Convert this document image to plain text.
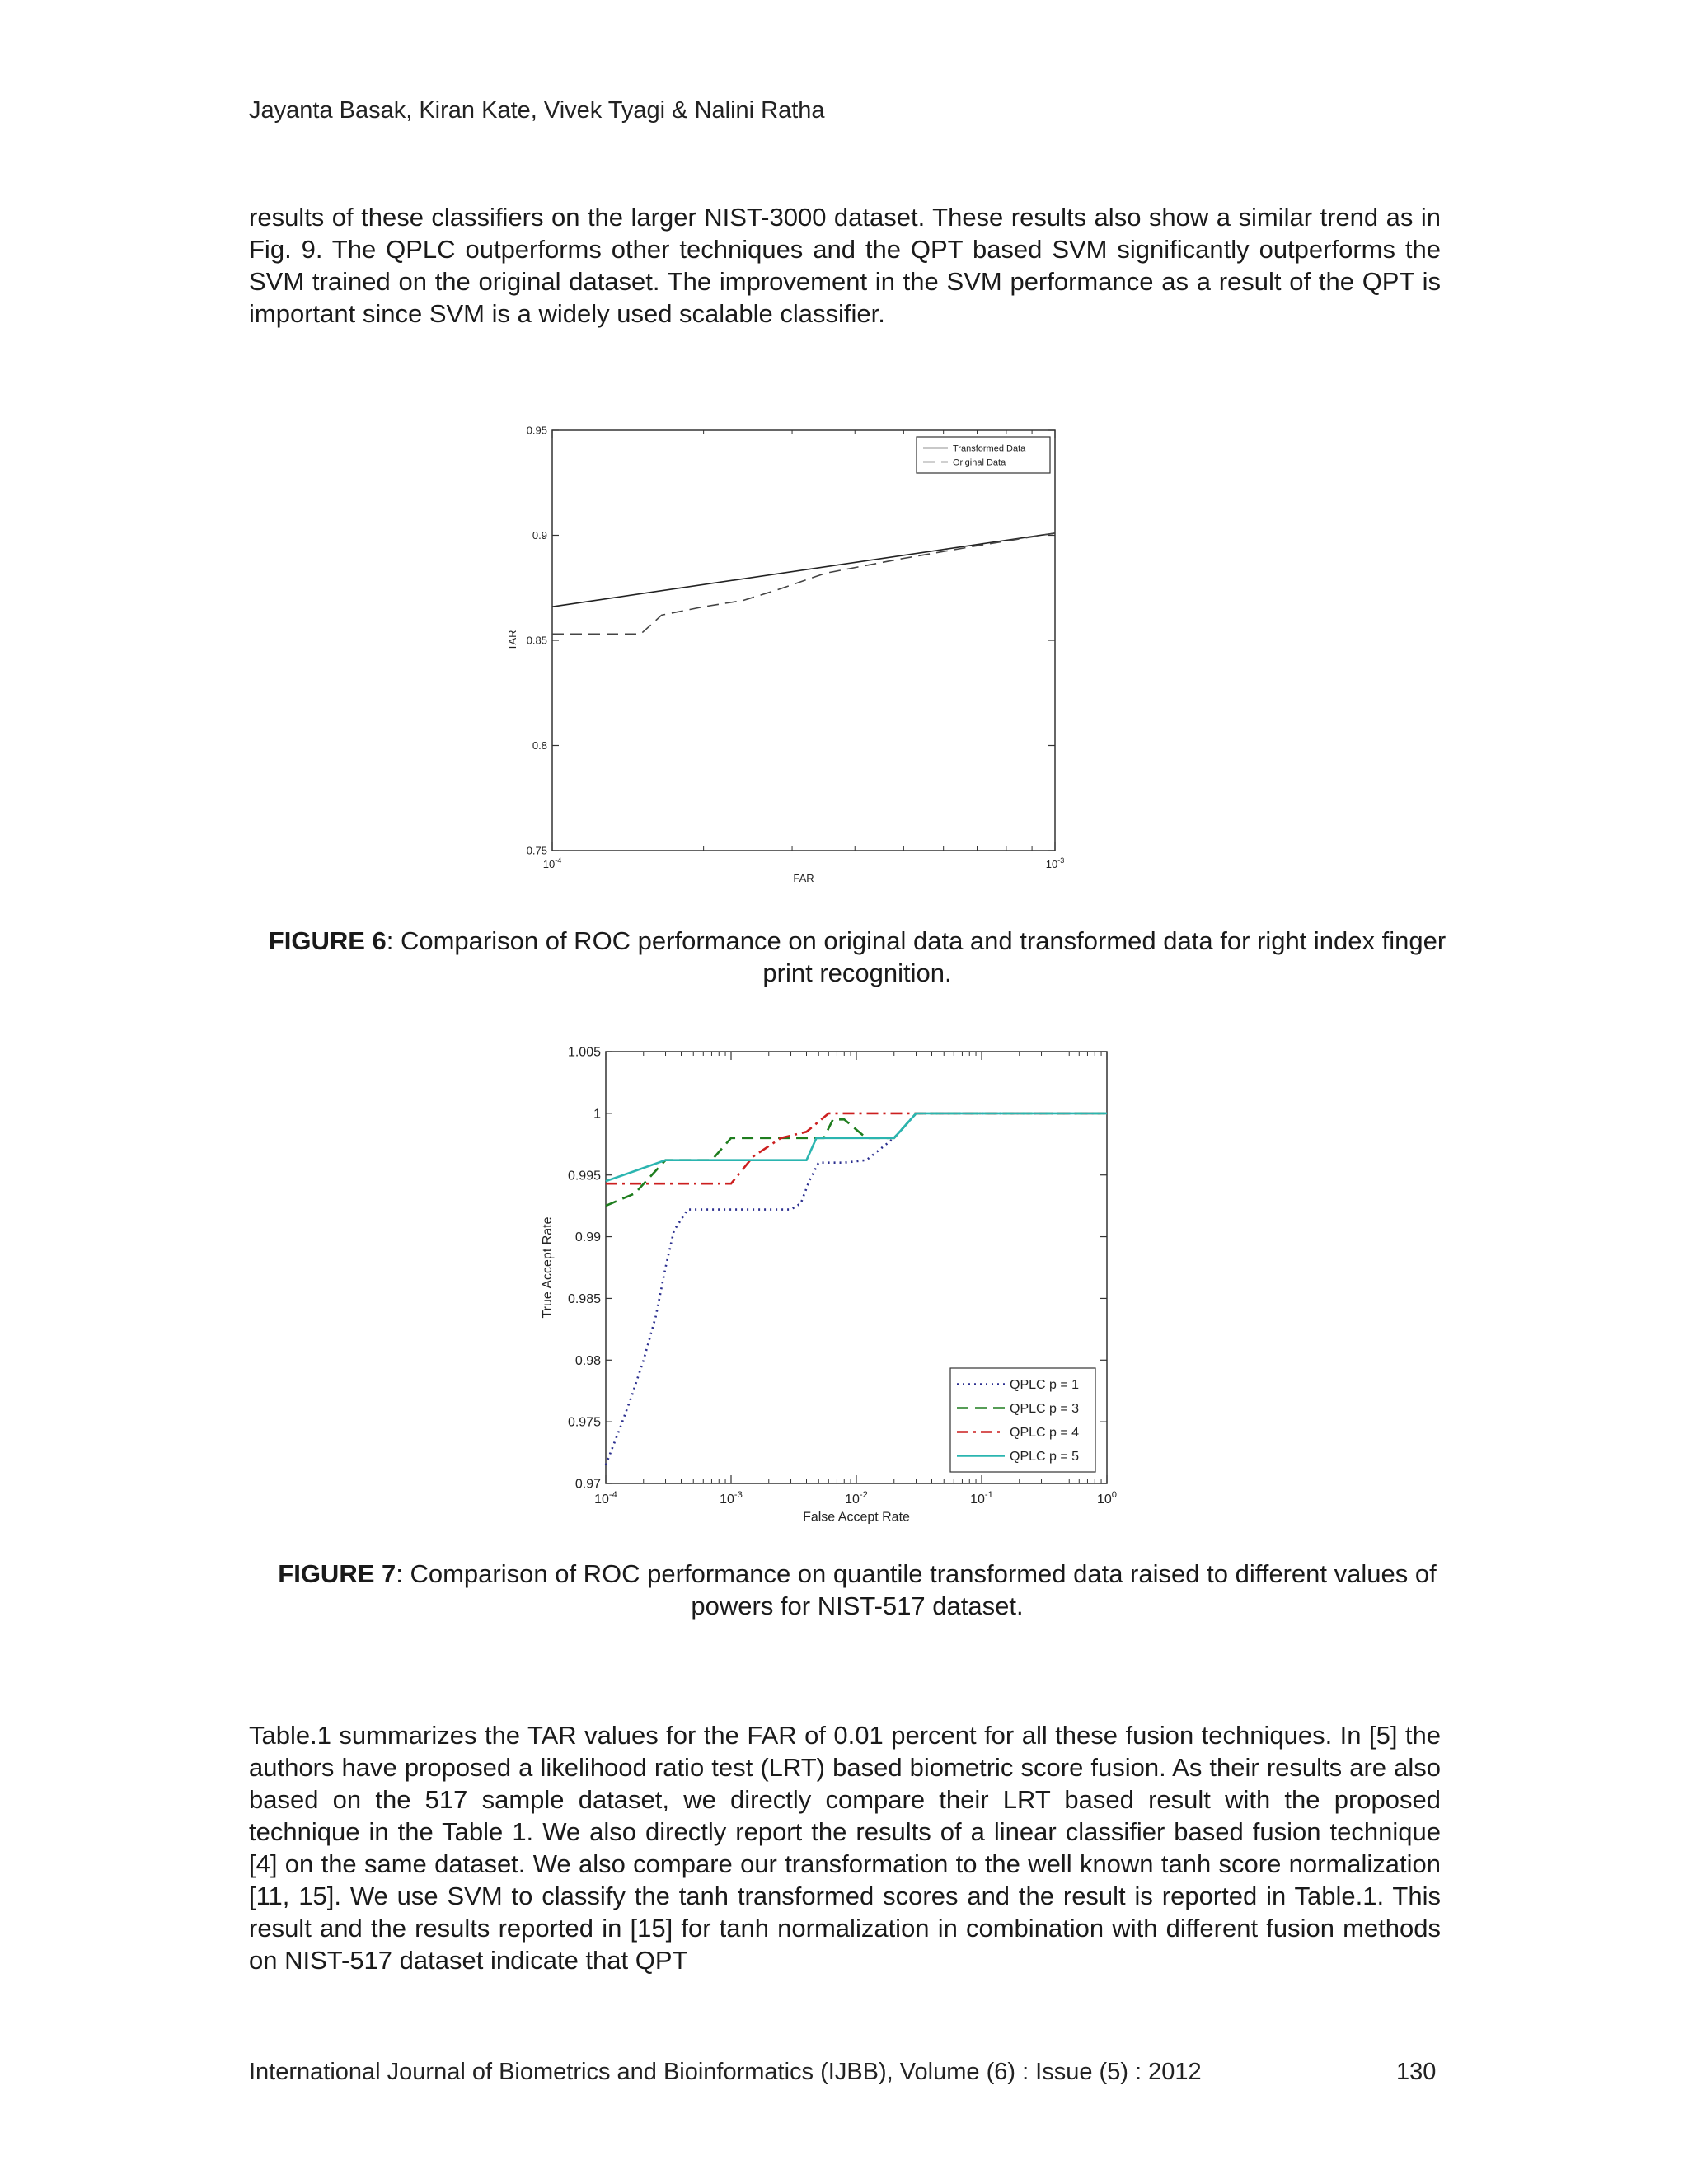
Jayanta Basak, Kiran Kate, Vivek Tyagi & Nalini Ratha
results of these classifiers on the larger NIST-3000 dataset. These results also show a similar trend as in Fig. 9. The QPLC outperforms other techniques and the QPT based SVM significantly outperforms the SVM trained on the original dataset. The improvement in the SVM performance as a result of the QPT is important since SVM is a widely used scalable classifier.
0.75
0.8
0.85
0.9
0.95
$10^{-4}$	$10^{-3}$
FAR
TAR
Transformed Data
Original Data
FIGURE 6: Comparison of ROC performance on original data and transformed data for right index finger print recognition.
0.97
0.975
0.98
0.985
0.99
0.995
1
1.005
$10^{-4}$	$10^{-3}$	$10^{-2}$	$10^{-1}$	$10^0$
False Accept Rate
True Accept Rate
QPLC p = 1
QPLC p = 3
QPLC p = 4
QPLC p = 5
FIGURE 7: Comparison of ROC performance on quantile transformed data raised to different values of powers for NIST-517 dataset.
Table.1 summarizes the TAR values for the FAR of 0.01 percent for all these fusion techniques. In [5] the authors have proposed a likelihood ratio test (LRT) based biometric score fusion. As their results are also based on the 517 sample dataset, we directly compare their LRT based result with the proposed technique in the Table 1. We also directly report the results of a linear classifier based fusion technique [4] on the same dataset. We also compare our transformation to the well known tanh score normalization [11, 15]. We use SVM to classify the tanh transformed scores and the result is reported in Table.1. This result and the results reported in [15] for tanh normalization in combination with different fusion methods on NIST-517 dataset indicate that QPT
International Journal of Biometrics and Bioinformatics (IJBB), Volume (6) : Issue (5) : 2012	130
